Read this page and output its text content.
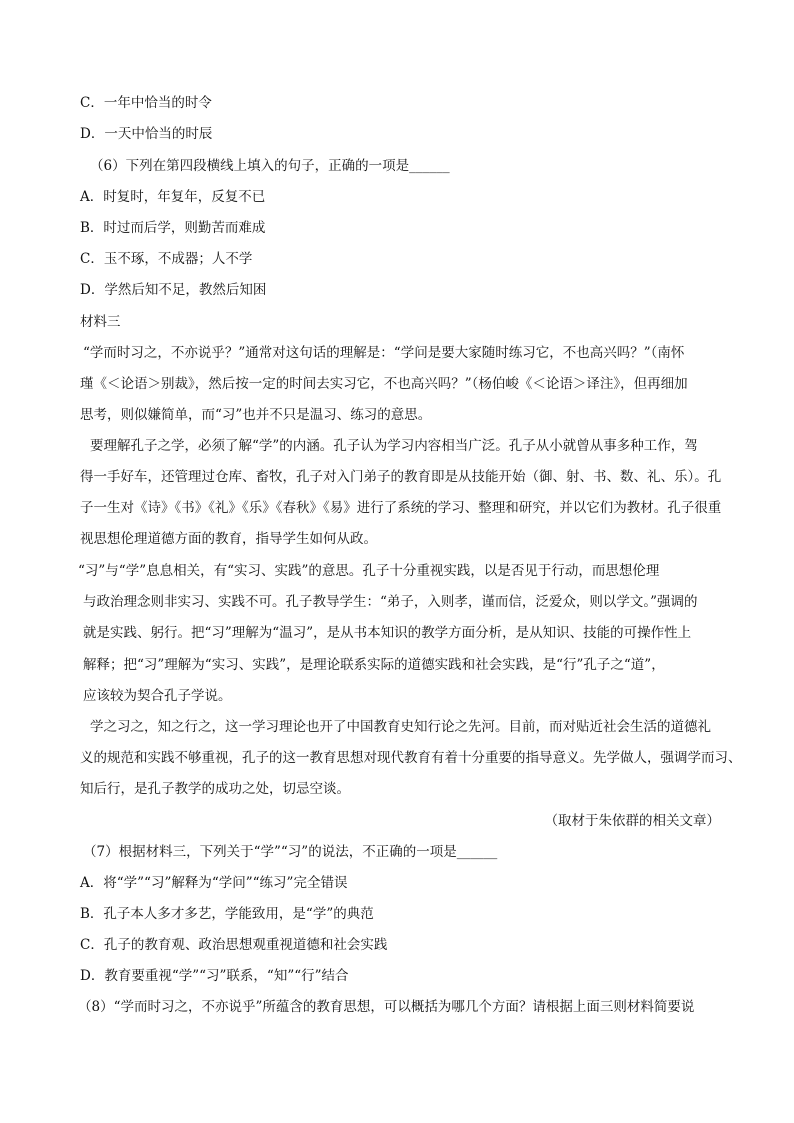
C．一年中恰当的时令
D．一天中恰当的时辰
（6）下列在第四段横线上填入的句子，正确的一项是______
A．时复时，年复年，反复不已
B．时过而后学，则勤苦而难成
C．玉不琢，不成器；人不学
D．学然后知不足，教然后知困
材料三
“学而时习之，不亦说乎？”通常对这句话的理解是：“学问是要大家随时练习它，不也高兴吗？”（南怀
瑾《＜论语＞别裁》，然后按一定的时间去实习它，不也高兴吗？”（杨伯峻《＜论语＞译注》，但再细加
思考，则似嫌简单，而“习”也并不只是温习、练习的意思。
要理解孔子之学，必须了解“学”的内涵。孔子认为学习内容相当广泛。孔子从小就曾从事多种工作，驾
得一手好车，还管理过仓库、畜牧，孔子对入门弟子的教育即是从技能开始（御、射、书、数、礼、乐）。孔
子一生对《诗》《书》《礼》《乐》《春秋》《易》进行了系统的学习、整理和研究，并以它们为教材。孔子很重
视思想伦理道德方面的教育，指导学生如何从政。
“习”与“学”息息相关，有“实习、实践”的意思。孔子十分重视实践，以是否见于行动，而思想伦理
与政治理念则非实习、实践不可。孔子教导学生：“弟子，入则孝，谨而信，泛爱众，则以学文。”强调的
就是实践、躬行。把“习”理解为“温习”，是从书本知识的教学方面分析，是从知识、技能的可操作性上
解释；把“习”理解为“实习、实践”，是理论联系实际的道德实践和社会实践，是“行”孔子之“道”，
应该较为契合孔子学说。
学之习之，知之行之，这一学习理论也开了中国教育史知行论之先河。目前，而对贴近社会生活的道德礼
义的规范和实践不够重视，孔子的这一教育思想对现代教育有着十分重要的指导意义。先学做人，强调学而习、
知后行，是孔子教学的成功之处，切忌空谈。
（取材于朱依群的相关文章）
（7）根据材料三，下列关于“学”“习”的说法，不正确的一项是______
A．将“学”“习”解释为“学问”“练习”完全错误
B．孔子本人多才多艺，学能致用，是“学”的典范
C．孔子的教育观、政治思想观重视道德和社会实践
D．教育要重视“学”“习”联系，“知”“行”结合
（8）“学而时习之，不亦说乎”所蕴含的教育思想，可以概括为哪几个方面？请根据上面三则材料简要说
